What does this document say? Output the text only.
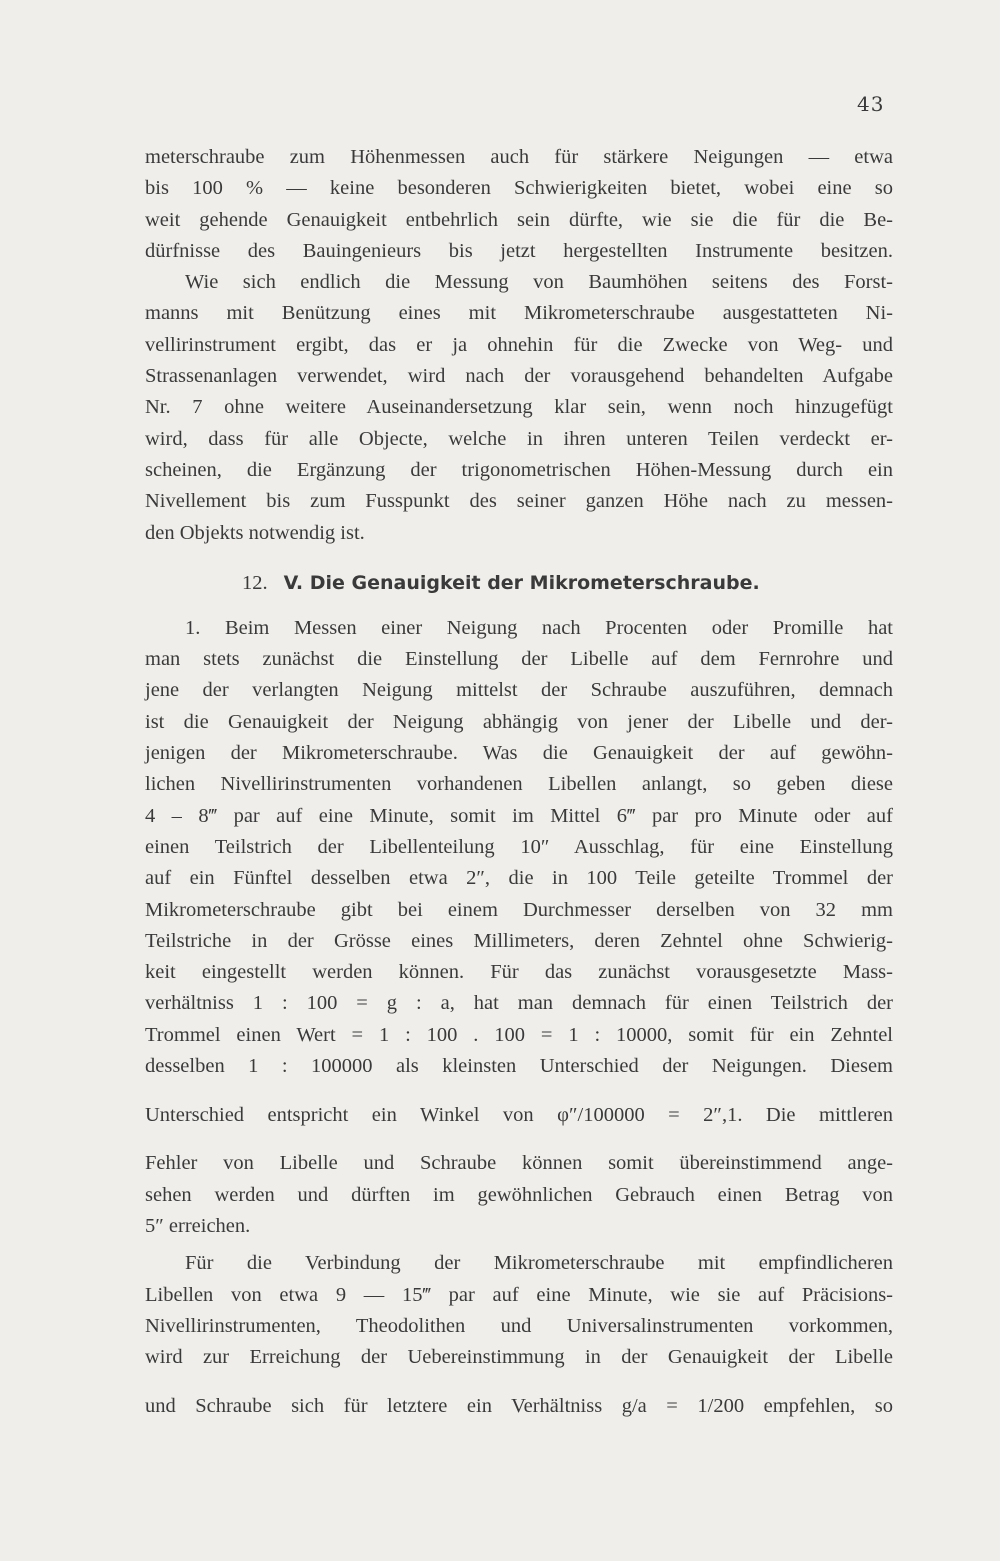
43
meterschraube zum Höhenmessen auch für stärkere Neigungen — etwa
bis 100 % — keine besonderen Schwierigkeiten bietet, wobei eine so
weit gehende Genauigkeit entbehrlich sein dürfte, wie sie die für die Be-
dürfnisse des Bauingenieurs bis jetzt hergestellten Instrumente besitzen.
Wie sich endlich die Messung von Baumhöhen seitens des Forst-
manns mit Benützung eines mit Mikrometerschraube ausgestatteten Ni-
vellirinstrument ergibt, das er ja ohnehin für die Zwecke von Weg- und
Strassenanlagen verwendet, wird nach der vorausgehend behandelten Aufgabe
Nr. 7 ohne weitere Auseinandersetzung klar sein, wenn noch hinzugefügt
wird, dass für alle Objecte, welche in ihren unteren Teilen verdeckt er-
scheinen, die Ergänzung der trigonometrischen Höhen-Messung durch ein
Nivellement bis zum Fusspunkt des seiner ganzen Höhe nach zu messen-
den Objekts notwendig ist.
12. V. Die Genauigkeit der Mikrometerschraube.
1. Beim Messen einer Neigung nach Procenten oder Promille hat
man stets zunächst die Einstellung der Libelle auf dem Fernrohre und
jene der verlangten Neigung mittelst der Schraube auszuführen, demnach
ist die Genauigkeit der Neigung abhängig von jener der Libelle und der-
jenigen der Mikrometerschraube. Was die Genauigkeit der auf gewöhn-
lichen Nivellirinstrumenten vorhandenen Libellen anlangt, so geben diese
4 – 8‴ par auf eine Minute, somit im Mittel 6‴ par pro Minute oder auf
einen Teilstrich der Libellenteilung 10″ Ausschlag, für eine Einstellung
auf ein Fünftel desselben etwa 2″, die in 100 Teile geteilte Trommel der
Mikrometerschraube gibt bei einem Durchmesser derselben von 32 mm
Teilstriche in der Grösse eines Millimeters, deren Zehntel ohne Schwierig-
keit eingestellt werden können. Für das zunächst vorausgesetzte Mass-
verhältniss 1 : 100 = g : a, hat man demnach für einen Teilstrich der
Trommel einen Wert = 1 : 100 . 100 = 1 : 10000, somit für ein Zehntel
desselben 1 : 100000 als kleinsten Unterschied der Neigungen. Diesem
Unterschied entspricht ein Winkel von φ″/100000 = 2″,1. Die mittleren
Fehler von Libelle und Schraube können somit übereinstimmend ange-
sehen werden und dürften im gewöhnlichen Gebrauch einen Betrag von
5″ erreichen.
Für die Verbindung der Mikrometerschraube mit empfindlicheren
Libellen von etwa 9 — 15‴ par auf eine Minute, wie sie auf Präcisions-
Nivellirinstrumenten, Theodolithen und Universalinstrumenten vorkommen,
wird zur Erreichung der Uebereinstimmung in der Genauigkeit der Libelle
und Schraube sich für letztere ein Verhältniss g/a = 1/200 empfehlen, so
